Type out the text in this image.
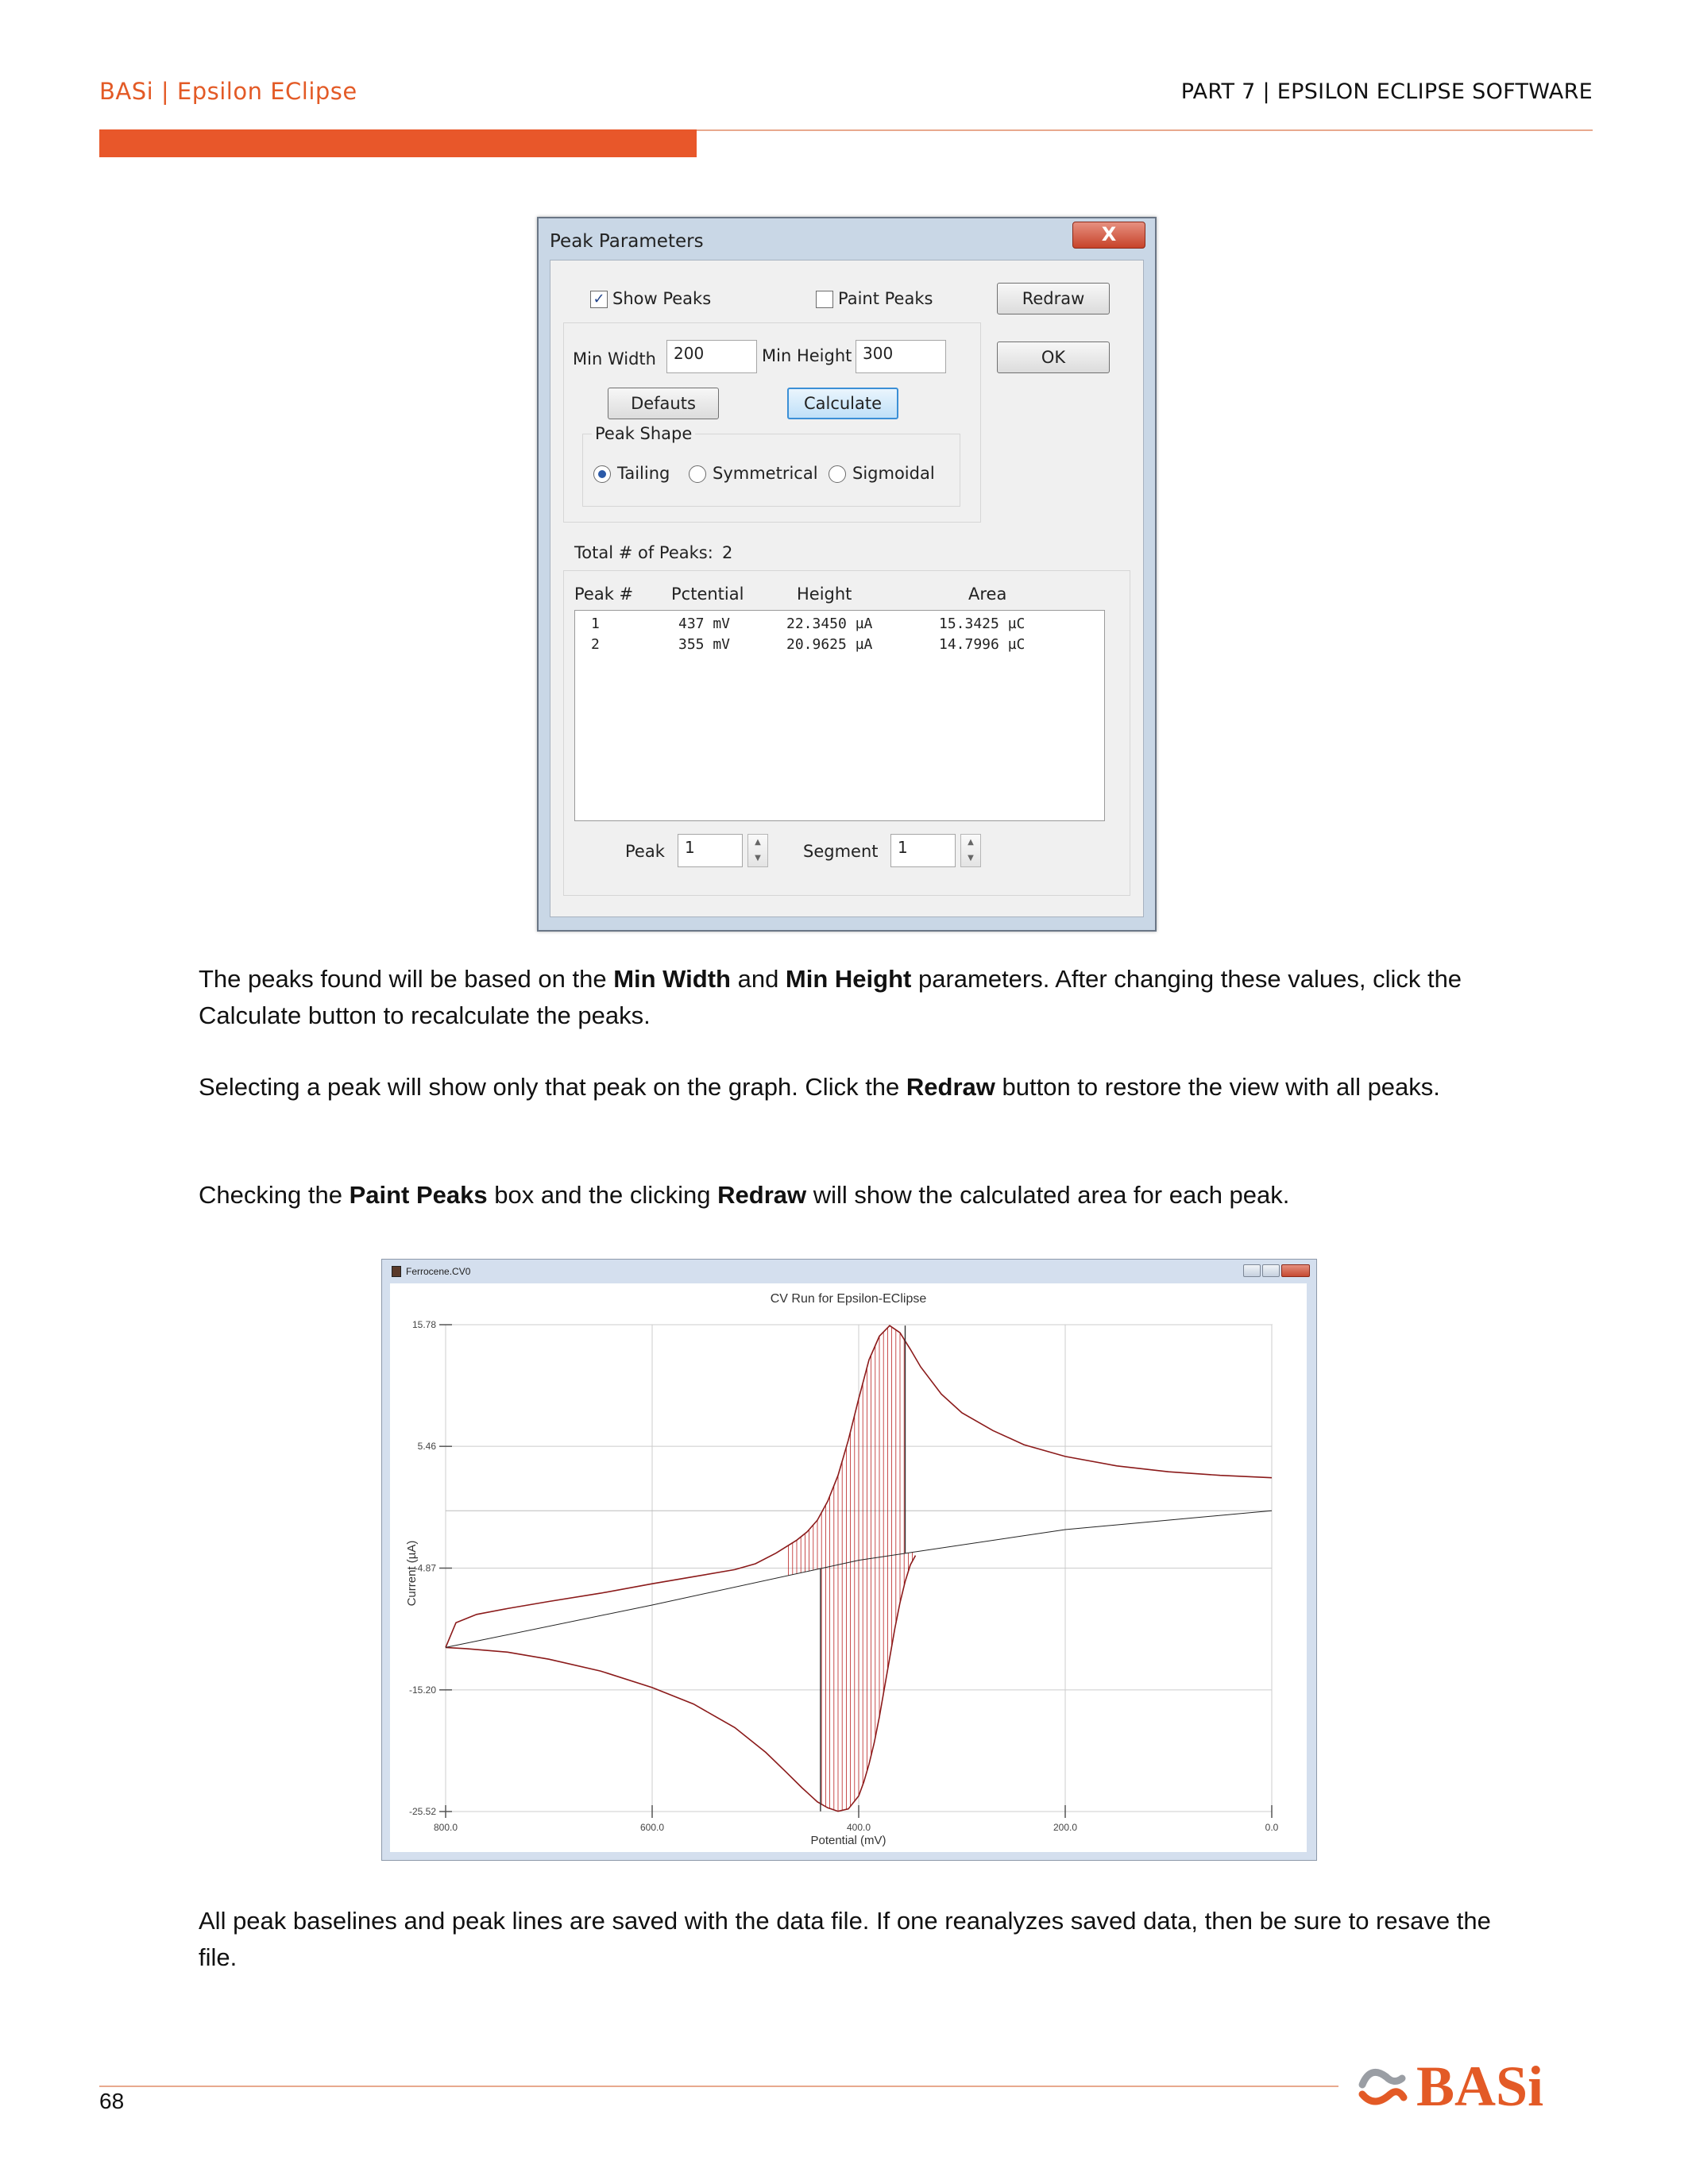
BASi | Epsilon EClipse	PART 7 | EPSILON ECLIPSE SOFTWARE
Peak Parameters	X
✓ Show Peaks	Paint Peaks	Redraw
OK
Min Width	200	Min Height 300
Defauts	Calculate
Peak Shape
Tailing	Symmetrical Sigmoidal
Total # of Peaks: 2
Peak # Pctential	Height	Area
1	437 mV	22.3450 µA	15.3425 µC
2	355 mV	20.9625 µA	14.7996 µC
Peak	1	▲
▼	Segment	1	▲
▼
The peaks found will be based on the Min Width and Min Height parameters. After changing these values, click the Calculate button to recalculate the peaks.
Selecting a peak will show only that peak on the graph. Click the Redraw button to restore the view with all peaks.
Checking the Paint Peaks box and the clicking Redraw will show the calculated area for each peak.
Ferrocene.CV0
CV Run for Epsilon-EClipse
Potential (mV)
Current (µA)
800.0	600.0	400.0	200.0	0.0
15.78
5.46
-4.87
-15.20
-25.52
All peak baselines and peak lines are saved with the data file. If one reanalyzes saved data, then be sure to resave the file.
68	BASi
